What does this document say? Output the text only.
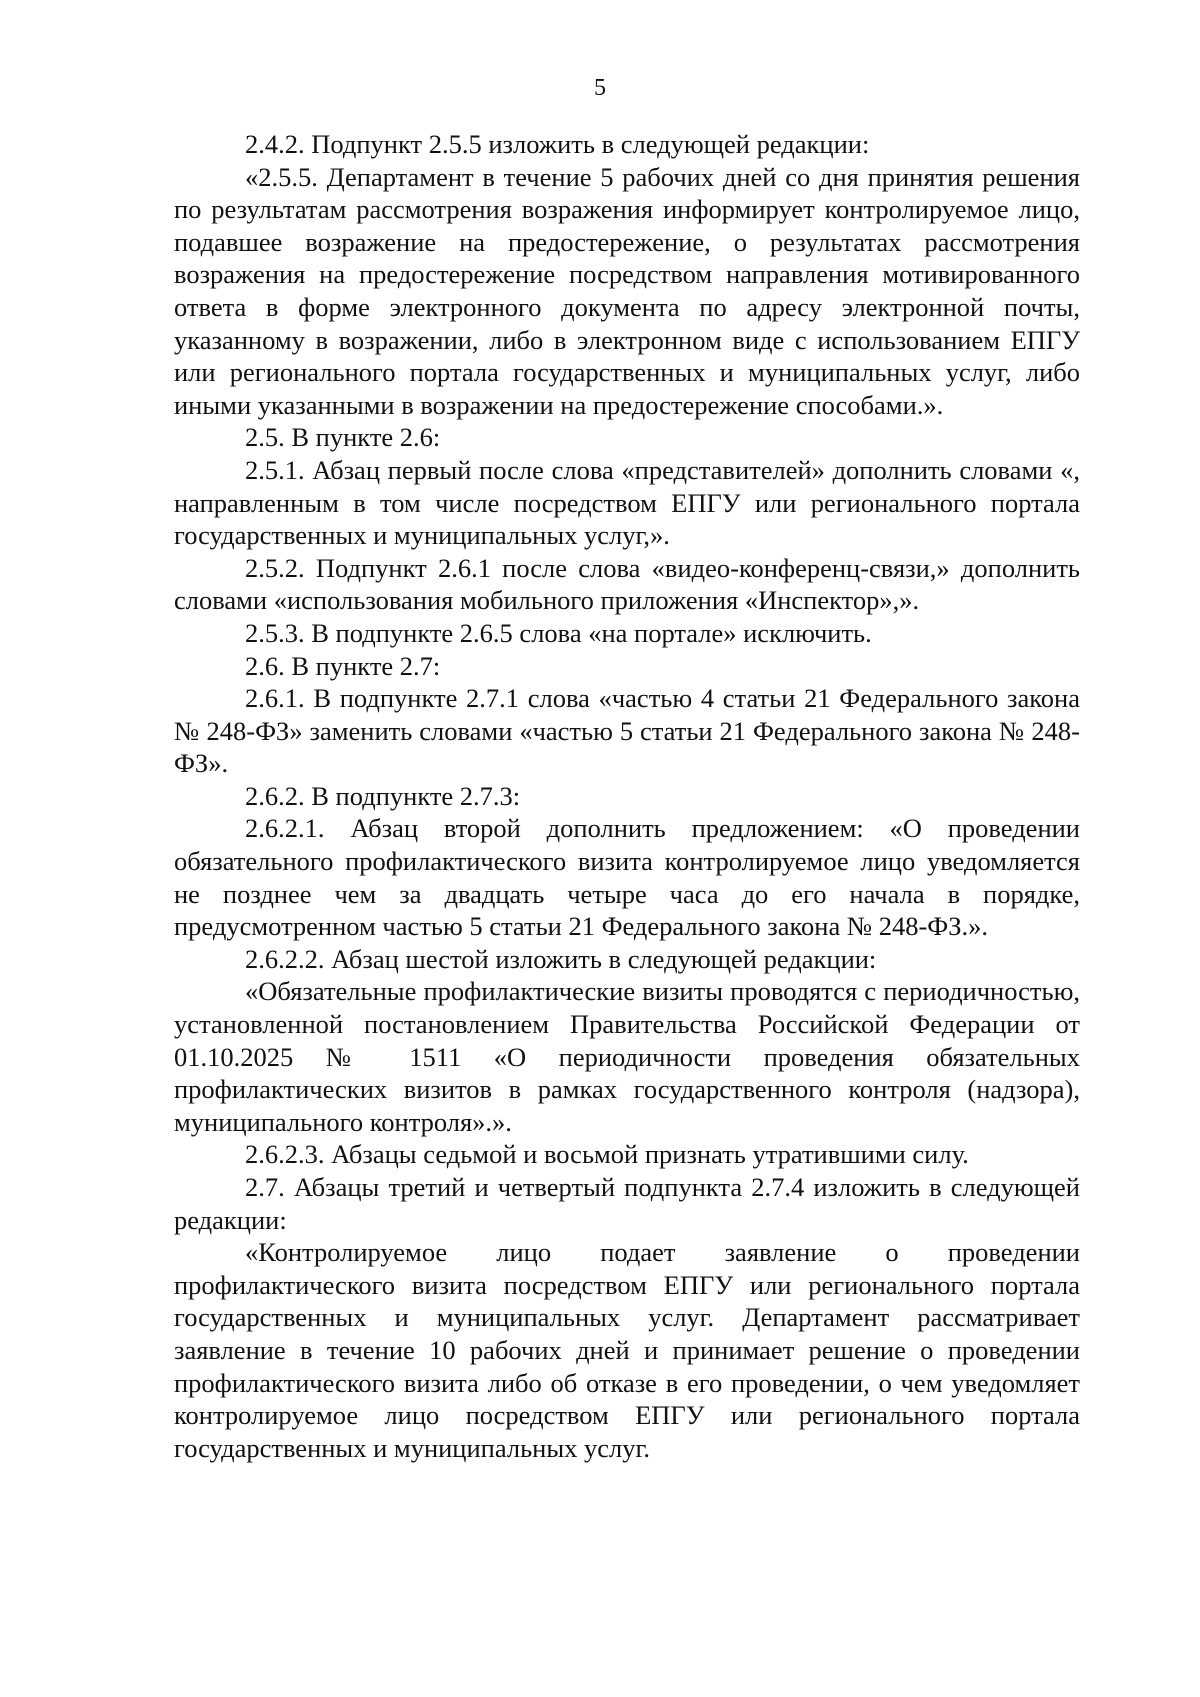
5

2.4.2. Подпункт 2.5.5 изложить в следующей редакции:

«2.5.5. Департамент в течение 5 рабочих дней со дня принятия решения по результатам рассмотрения возражения информирует контролируемое лицо, подавшее возражение на предостережение, о результатах рассмотрения возражения на предостережение посредством направления мотивированного ответа в форме электронного документа по адресу электронной почты, указанному в возражении, либо в электронном виде с использованием ЕПГУ или регионального портала государственных и муниципальных услуг, либо иными указанными в возражении на предостережение способами.».

2.5. В пункте 2.6:

2.5.1. Абзац первый после слова «представителей» дополнить словами «, направленным в том числе посредством ЕПГУ или регионального портала государственных и муниципальных услуг,».

2.5.2. Подпункт 2.6.1 после слова «видео-конференц-связи,» дополнить словами «использования мобильного приложения «Инспектор»,».

2.5.3. В подпункте 2.6.5 слова «на портале» исключить.

2.6. В пункте 2.7:

2.6.1. В подпункте 2.7.1 слова «частью 4 статьи 21 Федерального закона № 248-ФЗ» заменить словами «частью 5 статьи 21 Федерального закона № 248-ФЗ».

2.6.2. В подпункте 2.7.3:

2.6.2.1. Абзац второй дополнить предложением: «О проведении обязательного профилактического визита контролируемое лицо уведомляется не позднее чем за двадцать четыре часа до его начала в порядке, предусмотренном частью 5 статьи 21 Федерального закона № 248-ФЗ.».

2.6.2.2. Абзац шестой изложить в следующей редакции:

«Обязательные профилактические визиты проводятся с периодичностью, установленной постановлением Правительства Российской Федерации от 01.10.2025 № 1511 «О периодичности проведения обязательных профилактических визитов в рамках государственного контроля (надзора), муниципального контроля».».

2.6.2.3. Абзацы седьмой и восьмой признать утратившими силу.

2.7. Абзацы третий и четвертый подпункта 2.7.4 изложить в следующей редакции:

«Контролируемое лицо подает заявление о проведении профилактического визита посредством ЕПГУ или регионального портала государственных и муниципальных услуг. Департамент рассматривает заявление в течение 10 рабочих дней и принимает решение о проведении профилактического визита либо об отказе в его проведении, о чем уведомляет контролируемое лицо посредством ЕПГУ или регионального портала государственных и муниципальных услуг.
